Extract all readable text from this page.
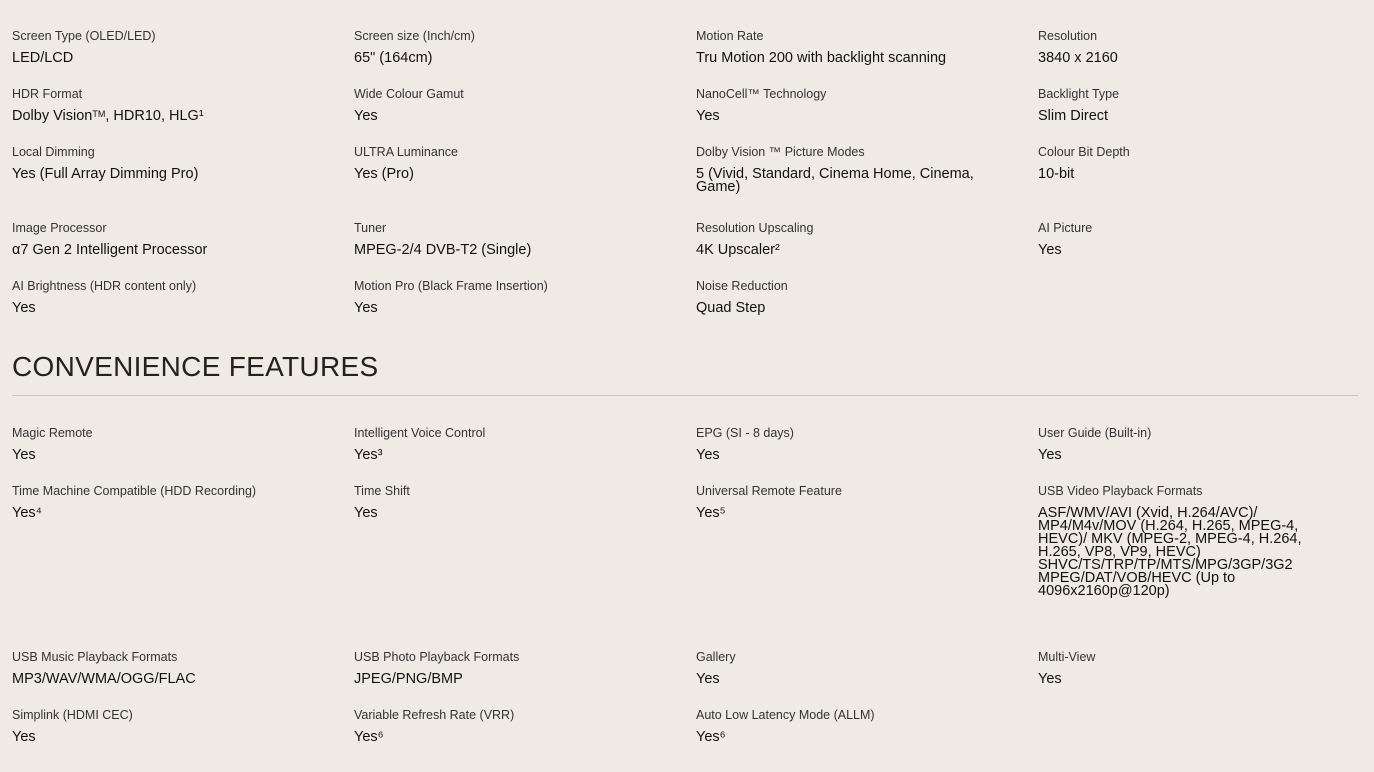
Screen Type (OLED/LED)
LED/LCD
Screen size (Inch/cm)
65" (164cm)
Motion Rate
Tru Motion 200 with backlight scanning
Resolution
3840 x 2160
HDR Format
Dolby Vision™, HDR10, HLG¹
Wide Colour Gamut
Yes
NanoCell™ Technology
Yes
Backlight Type
Slim Direct
Local Dimming
Yes (Full Array Dimming Pro)
ULTRA Luminance
Yes (Pro)
Dolby Vision ™ Picture Modes
5 (Vivid, Standard, Cinema Home, Cinema, Game)
Colour Bit Depth
10-bit
Image Processor
α7 Gen 2 Intelligent Processor
Tuner
MPEG-2/4 DVB-T2 (Single)
Resolution Upscaling
4K Upscaler²
AI Picture
Yes
AI Brightness (HDR content only)
Yes
Motion Pro (Black Frame Insertion)
Yes
Noise Reduction
Quad Step
CONVENIENCE FEATURES
Magic Remote
Yes
Intelligent Voice Control
Yes³
EPG (SI - 8 days)
Yes
User Guide (Built-in)
Yes
Time Machine Compatible (HDD Recording)
Yes⁴
Time Shift
Yes
Universal Remote Feature
Yes⁵
USB Video Playback Formats
ASF/WMV/AVI (Xvid, H.264/AVC)/ MP4/M4v/MOV (H.264, H.265, MPEG-4, HEVC)/ MKV (MPEG-2, MPEG-4, H.264, H.265, VP8, VP9, HEVC) SHVC/TS/TRP/TP/MTS/MPG/3GP/3G2 MPEG/DAT/VOB/HEVC (Up to 4096x2160p@120p)
USB Music Playback Formats
MP3/WAV/WMA/OGG/FLAC
USB Photo Playback Formats
JPEG/PNG/BMP
Gallery
Yes
Multi-View
Yes
Simplink (HDMI CEC)
Yes
Variable Refresh Rate (VRR)
Yes⁶
Auto Low Latency Mode (ALLM)
Yes⁶
